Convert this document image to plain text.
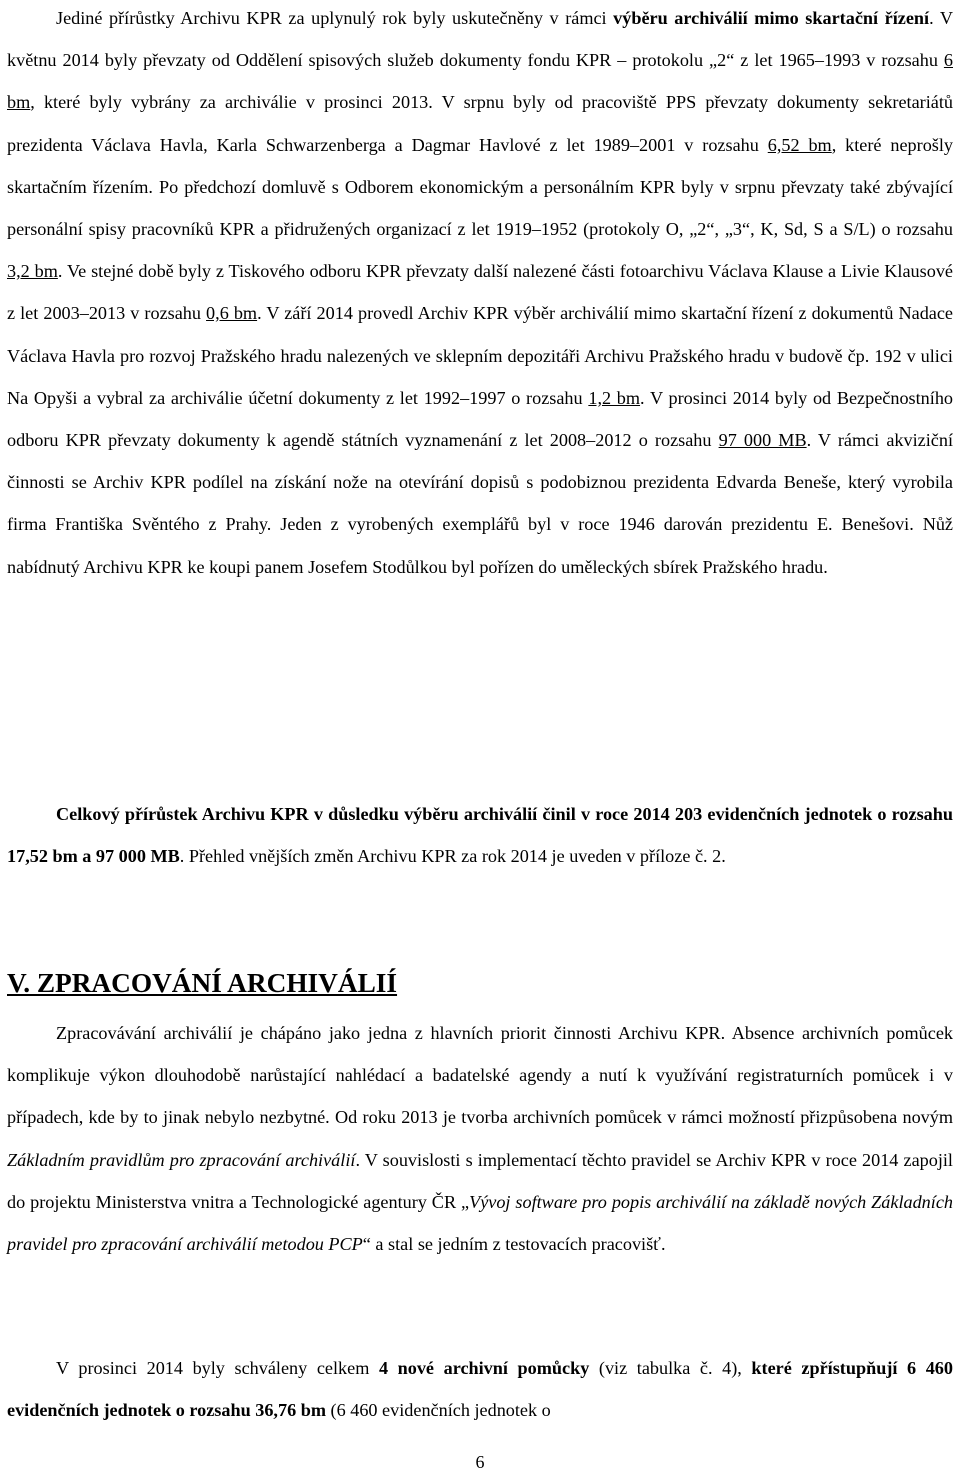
Jediné přírůstky Archivu KPR za uplynulý rok byly uskutečněny v rámci výběru archiválií mimo skartační řízení. V květnu 2014 byly převzaty od Oddělení spisových služeb dokumenty fondu KPR – protokolu „2“ z let 1965–1993 v rozsahu 6 bm, které byly vybrány za archiválie v prosinci 2013. V srpnu byly od pracoviště PPS převzaty dokumenty sekretariátů prezidenta Václava Havla, Karla Schwarzenberga a Dagmar Havlové z let 1989–2001 v rozsahu 6,52 bm, které neprošly skartačním řízením. Po předchozí domluvě s Odborem ekonomickým a personálním KPR byly v srpnu převzaty také zbývající personální spisy pracovníků KPR a přidružených organizací z let 1919–1952 (protokoly O, „2“, „3“, K, Sd, S a S/L) o rozsahu 3,2 bm. Ve stejné době byly z Tiskového odboru KPR převzaty další nalezené části fotoarchivu Václava Klause a Livie Klausové z let 2003–2013 v rozsahu 0,6 bm. V září 2014 provedl Archiv KPR výběr archiválií mimo skartační řízení z dokumentů Nadace Václava Havla pro rozvoj Pražského hradu nalezených ve sklepním depozitáři Archivu Pražského hradu v budově čp. 192 v ulici Na Opyši a vybral za archiválie účetní dokumenty z let 1992–1997 o rozsahu 1,2 bm. V prosinci 2014 byly od Bezpečnostního odboru KPR převzaty dokumenty k agendě státních vyznamenání z let 2008–2012 o rozsahu 97 000 MB. V rámci akviziční činnosti se Archiv KPR podílel na získání nože na otevírání dopisů s podobiznou prezidenta Edvarda Beneše, který vyrobila firma Františka Svěntého z Prahy. Jeden z vyrobených exemplářů byl v roce 1946 darován prezidentu E. Benešovi. Nůž nabídnutý Archivu KPR ke koupi panem Josefem Stodůlkou byl pořízen do uměleckých sbírek Pražského hradu.

Celkový přírůstek Archivu KPR v důsledku výběru archiválií činil v roce 2014 203 evidenčních jednotek o rozsahu 17,52 bm a 97 000 MB. Přehled vnějších změn Archivu KPR za rok 2014 je uveden v příloze č. 2.

V. ZPRACOVÁNÍ ARCHIVÁLIÍ

Zpracovávání archiválií je chápáno jako jedna z hlavních priorit činnosti Archivu KPR. Absence archivních pomůcek komplikuje výkon dlouhodobě narůstající nahlédací a badatelské agendy a nutí k využívání registraturních pomůcek i v případech, kde by to jinak nebylo nezbytné. Od roku 2013 je tvorba archivních pomůcek v rámci možností přizpůsobena novým Základním pravidlům pro zpracování archiválií. V souvislosti s implementací těchto pravidel se Archiv KPR v roce 2014 zapojil do projektu Ministerstva vnitra a Technologické agentury ČR „Vývoj software pro popis archiválií na základě nových Základních pravidel pro zpracování archiválií metodou PCP“ a stal se jedním z testovacích pracovišť.

V prosinci 2014 byly schváleny celkem 4 nové archivní pomůcky (viz tabulka č. 4), které zpřístupňují 6 460 evidenčních jednotek o rozsahu 36,76 bm (6 460 evidenčních jednotek o

6
